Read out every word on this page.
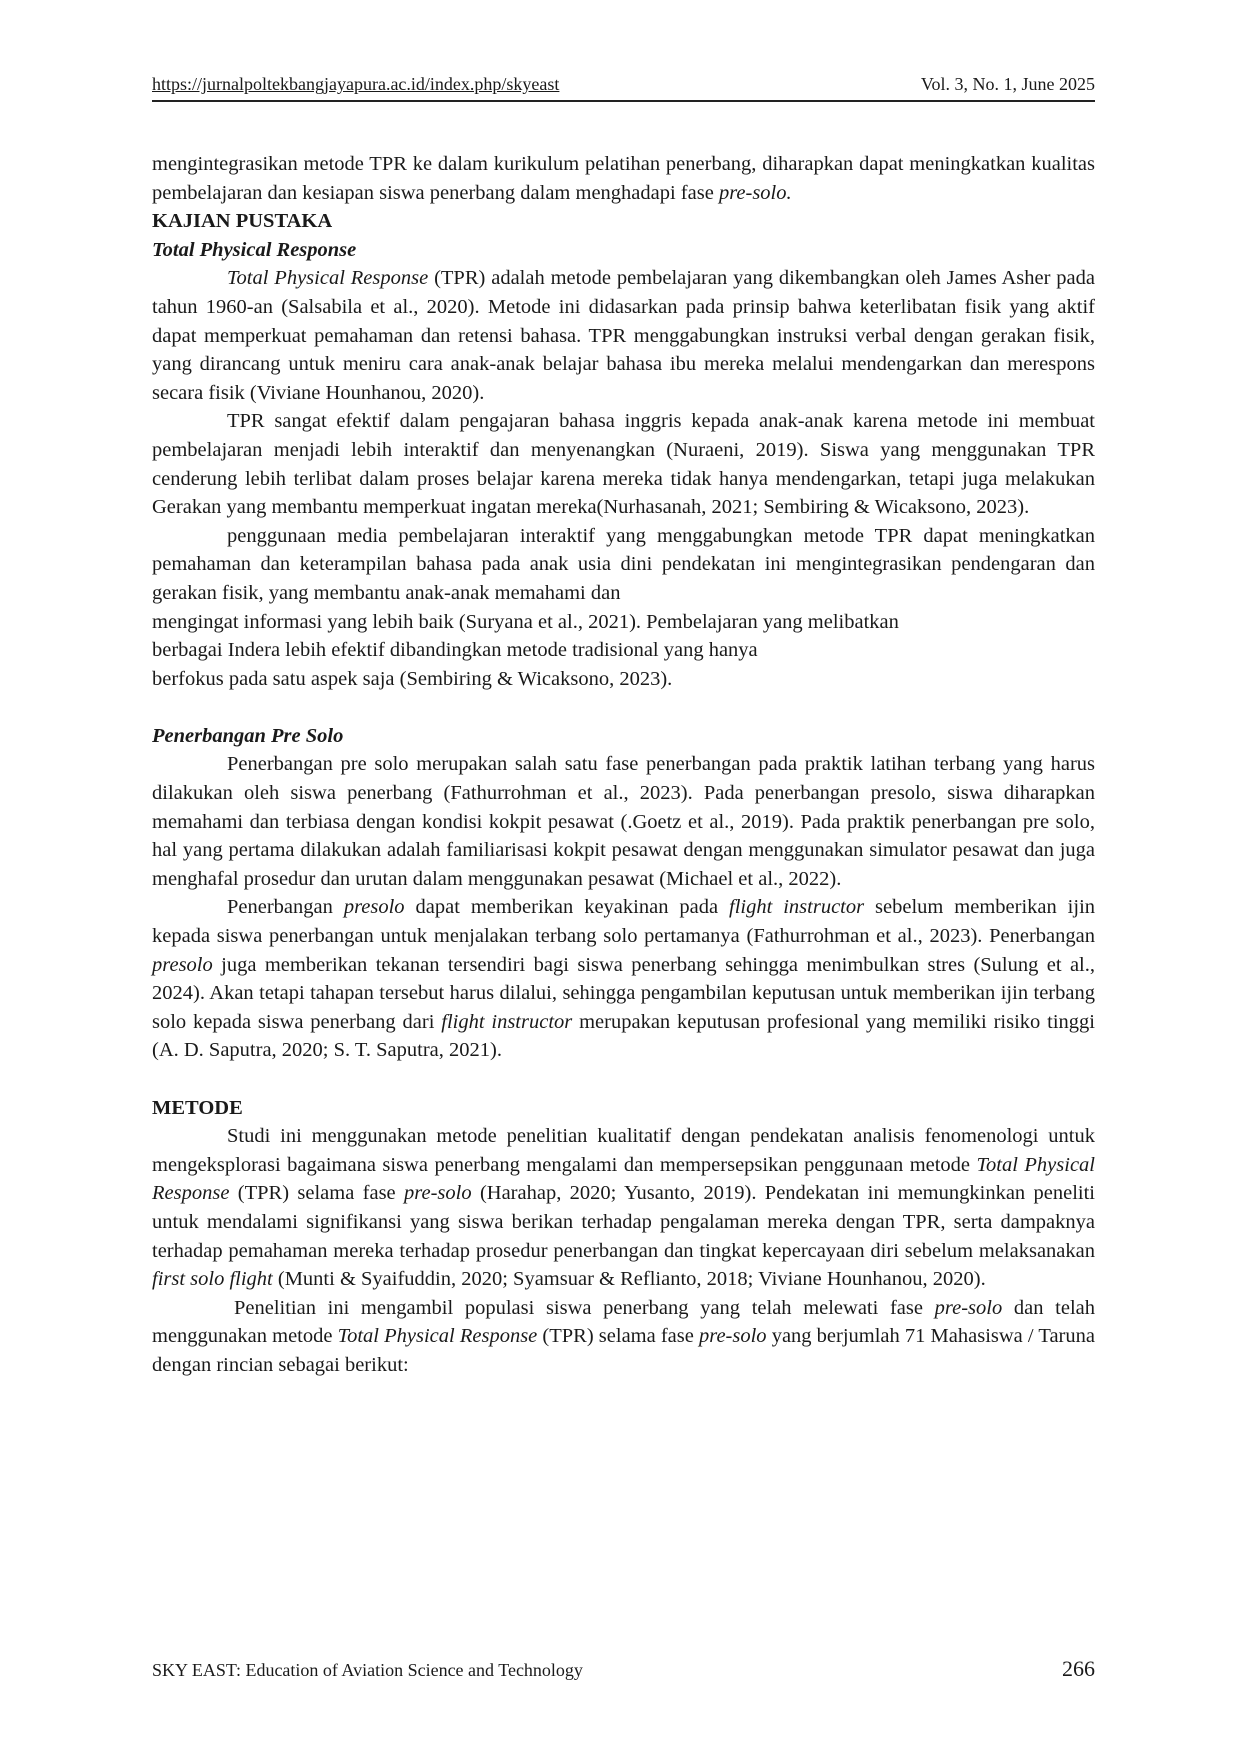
https://jurnalpoltekbangjayapura.ac.id/index.php/skyeast	Vol. 3, No. 1, June 2025

mengintegrasikan metode TPR ke dalam kurikulum pelatihan penerbang, diharapkan dapat meningkatkan kualitas pembelajaran dan kesiapan siswa penerbang dalam menghadapi fase pre-solo.

KAJIAN PUSTAKA
Total Physical Response

Total Physical Response (TPR) adalah metode pembelajaran yang dikembangkan oleh James Asher pada tahun 1960-an (Salsabila et al., 2020). Metode ini didasarkan pada prinsip bahwa keterlibatan fisik yang aktif dapat memperkuat pemahaman dan retensi bahasa. TPR menggabungkan instruksi verbal dengan gerakan fisik, yang dirancang untuk meniru cara anak-anak belajar bahasa ibu mereka melalui mendengarkan dan merespons secara fisik (Viviane Hounhanou, 2020).

TPR sangat efektif dalam pengajaran bahasa inggris kepada anak-anak karena metode ini membuat pembelajaran menjadi lebih interaktif dan menyenangkan (Nuraeni, 2019). Siswa yang menggunakan TPR cenderung lebih terlibat dalam proses belajar karena mereka tidak hanya mendengarkan, tetapi juga melakukan Gerakan yang membantu memperkuat ingatan mereka(Nurhasanah, 2021; Sembiring & Wicaksono, 2023).

penggunaan media pembelajaran interaktif yang menggabungkan metode TPR dapat meningkatkan pemahaman dan keterampilan bahasa pada anak usia dini pendekatan ini mengintegrasikan pendengaran dan gerakan fisik, yang membantu anak-anak memahami dan

mengingat informasi yang lebih baik (Suryana et al., 2021). Pembelajaran yang melibatkan

berbagai Indera lebih efektif dibandingkan metode tradisional yang hanya

berfokus pada satu aspek saja (Sembiring & Wicaksono, 2023).

Penerbangan Pre Solo

Penerbangan pre solo merupakan salah satu fase penerbangan pada praktik latihan terbang yang harus dilakukan oleh siswa penerbang (Fathurrohman et al., 2023). Pada penerbangan presolo, siswa diharapkan memahami dan terbiasa dengan kondisi kokpit pesawat (.Goetz et al., 2019). Pada praktik penerbangan pre solo, hal yang pertama dilakukan adalah familiarisasi kokpit pesawat dengan menggunakan simulator pesawat dan juga menghafal prosedur dan urutan dalam menggunakan pesawat (Michael et al., 2022).

Penerbangan presolo dapat memberikan keyakinan pada flight instructor sebelum memberikan ijin kepada siswa penerbangan untuk menjalakan terbang solo pertamanya (Fathurrohman et al., 2023). Penerbangan presolo juga memberikan tekanan tersendiri bagi siswa penerbang sehingga menimbulkan stres (Sulung et al., 2024). Akan tetapi tahapan tersebut harus dilalui, sehingga pengambilan keputusan untuk memberikan ijin terbang solo kepada siswa penerbang dari flight instructor merupakan keputusan profesional yang memiliki risiko tinggi (A. D. Saputra, 2020; S. T. Saputra, 2021).

METODE

Studi ini menggunakan metode penelitian kualitatif dengan pendekatan analisis fenomenologi untuk mengeksplorasi bagaimana siswa penerbang mengalami dan mempersepsikan penggunaan metode Total Physical Response (TPR) selama fase pre-solo (Harahap, 2020; Yusanto, 2019). Pendekatan ini memungkinkan peneliti untuk mendalami signifikansi yang siswa berikan terhadap pengalaman mereka dengan TPR, serta dampaknya terhadap pemahaman mereka terhadap prosedur penerbangan dan tingkat kepercayaan diri sebelum melaksanakan first solo flight (Munti & Syaifuddin, 2020; Syamsuar & Reflianto, 2018; Viviane Hounhanou, 2020).

Penelitian ini mengambil populasi siswa penerbang yang telah melewati fase pre-solo dan telah menggunakan metode Total Physical Response (TPR) selama fase pre-solo yang berjumlah 71 Mahasiswa / Taruna dengan rincian sebagai berikut:

SKY EAST: Education of Aviation Science and Technology	266
